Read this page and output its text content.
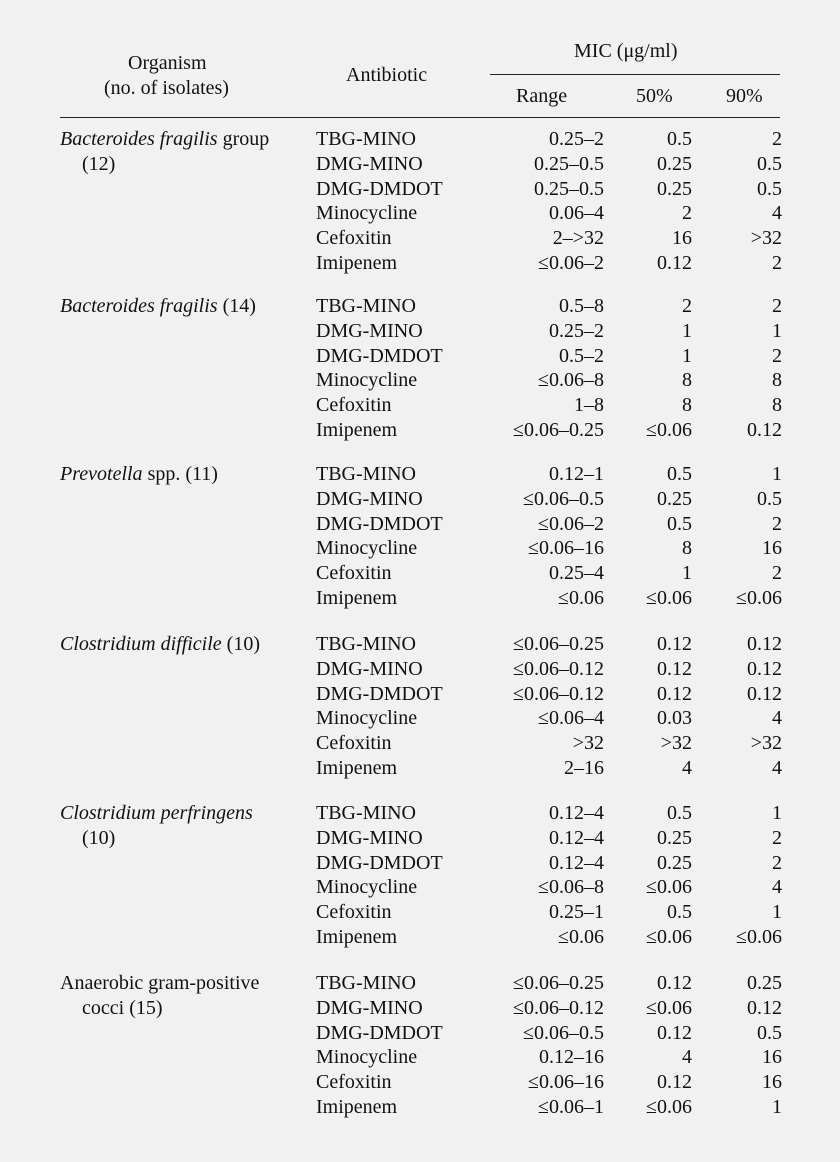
Organism
(no. of isolates)
Antibiotic
MIC (μg/ml)
Range	50%	90%
Bacteroides fragilis group
(12)
TBG-MINO	0.25–2	0.5	2
DMG-MINO	0.25–0.5	0.25	0.5
DMG-DMDOT	0.25–0.5	0.25	0.5
Minocycline	0.06–4	2	4
Cefoxitin	2–>32	16	>32
Imipenem	≤0.06–2	0.12	2
Bacteroides fragilis (14)	TBG-MINO	0.5–8	2	2
DMG-MINO	0.25–2	1	1
DMG-DMDOT	0.5–2	1	2
Minocycline	≤0.06–8	8	8
Cefoxitin	1–8	8	8
Imipenem	≤0.06–0.25	≤0.06	0.12
Prevotella spp. (11)	TBG-MINO	0.12–1	0.5	1
DMG-MINO	≤0.06–0.5	0.25	0.5
DMG-DMDOT	≤0.06–2	0.5	2
Minocycline	≤0.06–16	8	16
Cefoxitin	0.25–4	1	2
Imipenem	≤0.06	≤0.06	≤0.06
Clostridium difficile (10)	TBG-MINO	≤0.06–0.25	0.12	0.12
DMG-MINO	≤0.06–0.12	0.12	0.12
DMG-DMDOT	≤0.06–0.12	0.12	0.12
Minocycline	≤0.06–4	0.03	4
Cefoxitin	>32	>32	>32
Imipenem	2–16	4	4
Clostridium perfringens
(10)
TBG-MINO	0.12–4	0.5	1
DMG-MINO	0.12–4	0.25	2
DMG-DMDOT	0.12–4	0.25	2
Minocycline	≤0.06–8	≤0.06	4
Cefoxitin	0.25–1	0.5	1
Imipenem	≤0.06	≤0.06	≤0.06
Anaerobic gram-positive
cocci (15)
TBG-MINO	≤0.06–0.25	0.12	0.25
DMG-MINO	≤0.06–0.12	≤0.06	0.12
DMG-DMDOT	≤0.06–0.5	0.12	0.5
Minocycline	0.12–16	4	16
Cefoxitin	≤0.06–16	0.12	16
Imipenem	≤0.06–1	≤0.06	1
